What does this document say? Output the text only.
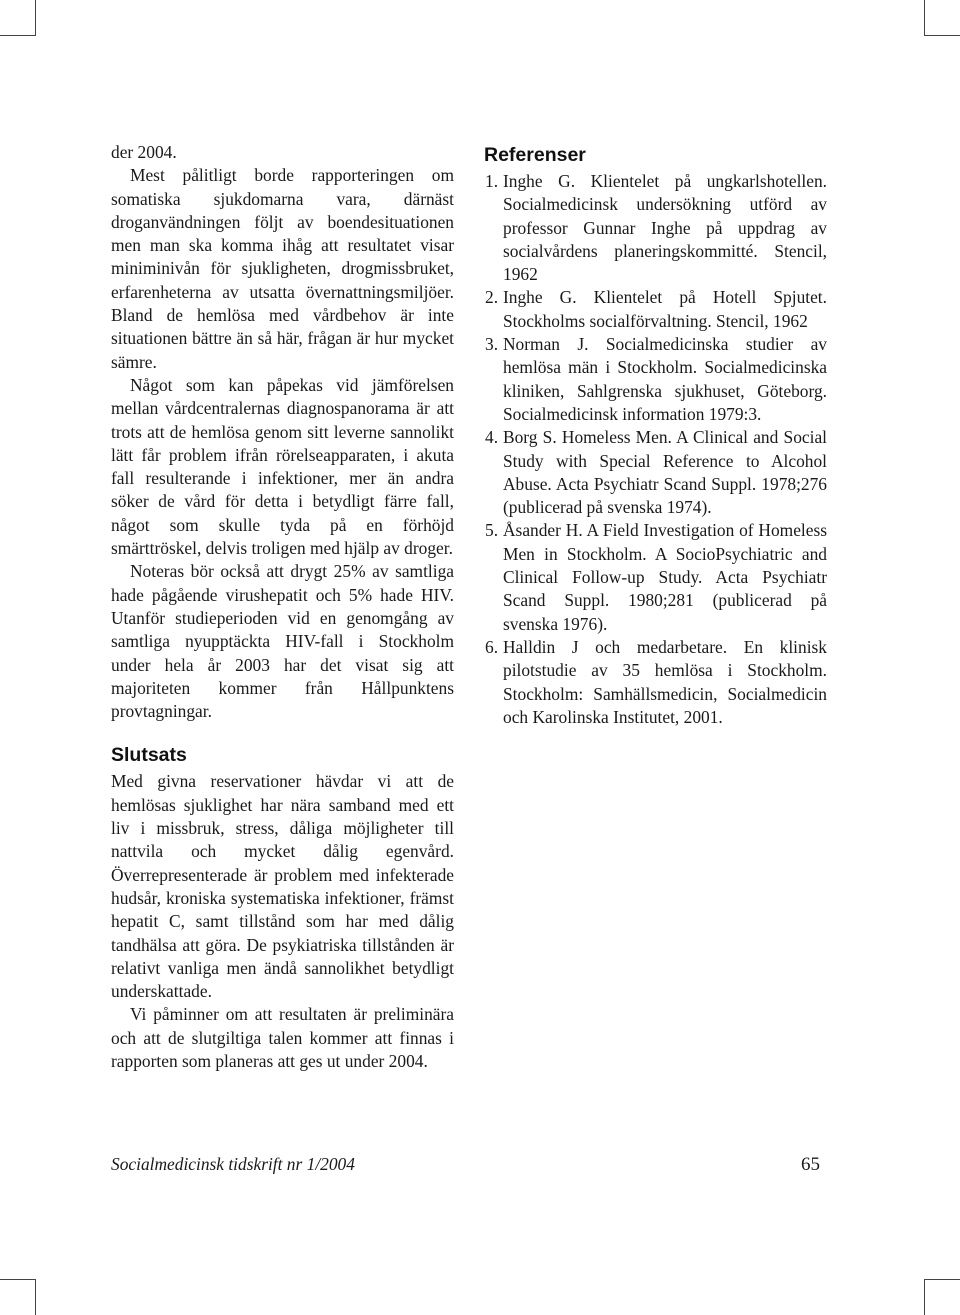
der 2004.

Mest pålitligt borde rapporteringen om somatiska sjukdomarna vara, därnäst droganvändningen följt av boendesituationen men man ska komma ihåg att resultatet visar miniminivån för sjukligheten, drogmissbruket, erfarenheterna av utsatta övernattningsmiljöer. Bland de hemlösa med vårdbehov är inte situationen bättre än så här, frågan är hur mycket sämre.

Något som kan påpekas vid jämförelsen mellan vårdcentralernas diagnospanorama är att trots att de hemlösa genom sitt leverne sannolikt lätt får problem ifrån rörelseapparaten, i akuta fall resulterande i infektioner, mer än andra söker de vård för detta i betydligt färre fall, något som skulle tyda på en förhöjd smärttröskel, delvis troligen med hjälp av droger.

Noteras bör också att drygt 25% av samtliga hade pågående virushepatit och 5% hade HIV. Utanför studieperioden vid en genomgång av samtliga nyupptäckta HIV-fall i Stockholm under hela år 2003 har det visat sig att majoriteten kommer från Hållpunktens provtagningar.

Slutsats

Med givna reservationer hävdar vi att de hemlösas sjuklighet har nära samband med ett liv i missbruk, stress, dåliga möjligheter till nattvila och mycket dålig egenvård. Överrepresenterade är problem med infekterade hudsår, kroniska systematiska infektioner, främst hepatit C, samt tillstånd som har med dålig tandhälsa att göra. De psykiatriska tillstånden är relativt vanliga men ändå sannolikhet betydligt underskattade.

Vi påminner om att resultaten är preliminära och att de slutgiltiga talen kommer att finnas i rapporten som planeras att ges ut under 2004.

Referenser
1. Inghe G. Klientelet på ungkarlshotellen. Socialmedicinsk undersökning utförd av professor Gunnar Inghe på uppdrag av socialvårdens planeringskommitté. Stencil, 1962
2. Inghe G. Klientelet på Hotell Spjutet. Stockholms socialförvaltning. Stencil, 1962
3. Norman J. Socialmedicinska studier av hemlösa män i Stockholm. Socialmedicinska kliniken, Sahlgrenska sjukhuset, Göteborg. Socialmedicinsk information 1979:3.
4. Borg S. Homeless Men. A Clinical and Social Study with Special Reference to Alcohol Abuse. Acta Psychiatr Scand Suppl. 1978;276 (publicerad på svenska 1974).
5. Åsander H. A Field Investigation of Homeless Men in Stockholm. A SocioPsychiatric and Clinical Follow-up Study. Acta Psychiatr Scand Suppl. 1980;281 (publicerad på svenska 1976).
6. Halldin J och medarbetare. En klinisk pilotstudie av 35 hemlösa i Stockholm. Stockholm: Samhällsmedicin, Socialmedicin och Karolinska Institutet, 2001.
Socialmedicinsk tidskrift nr 1/2004	65
